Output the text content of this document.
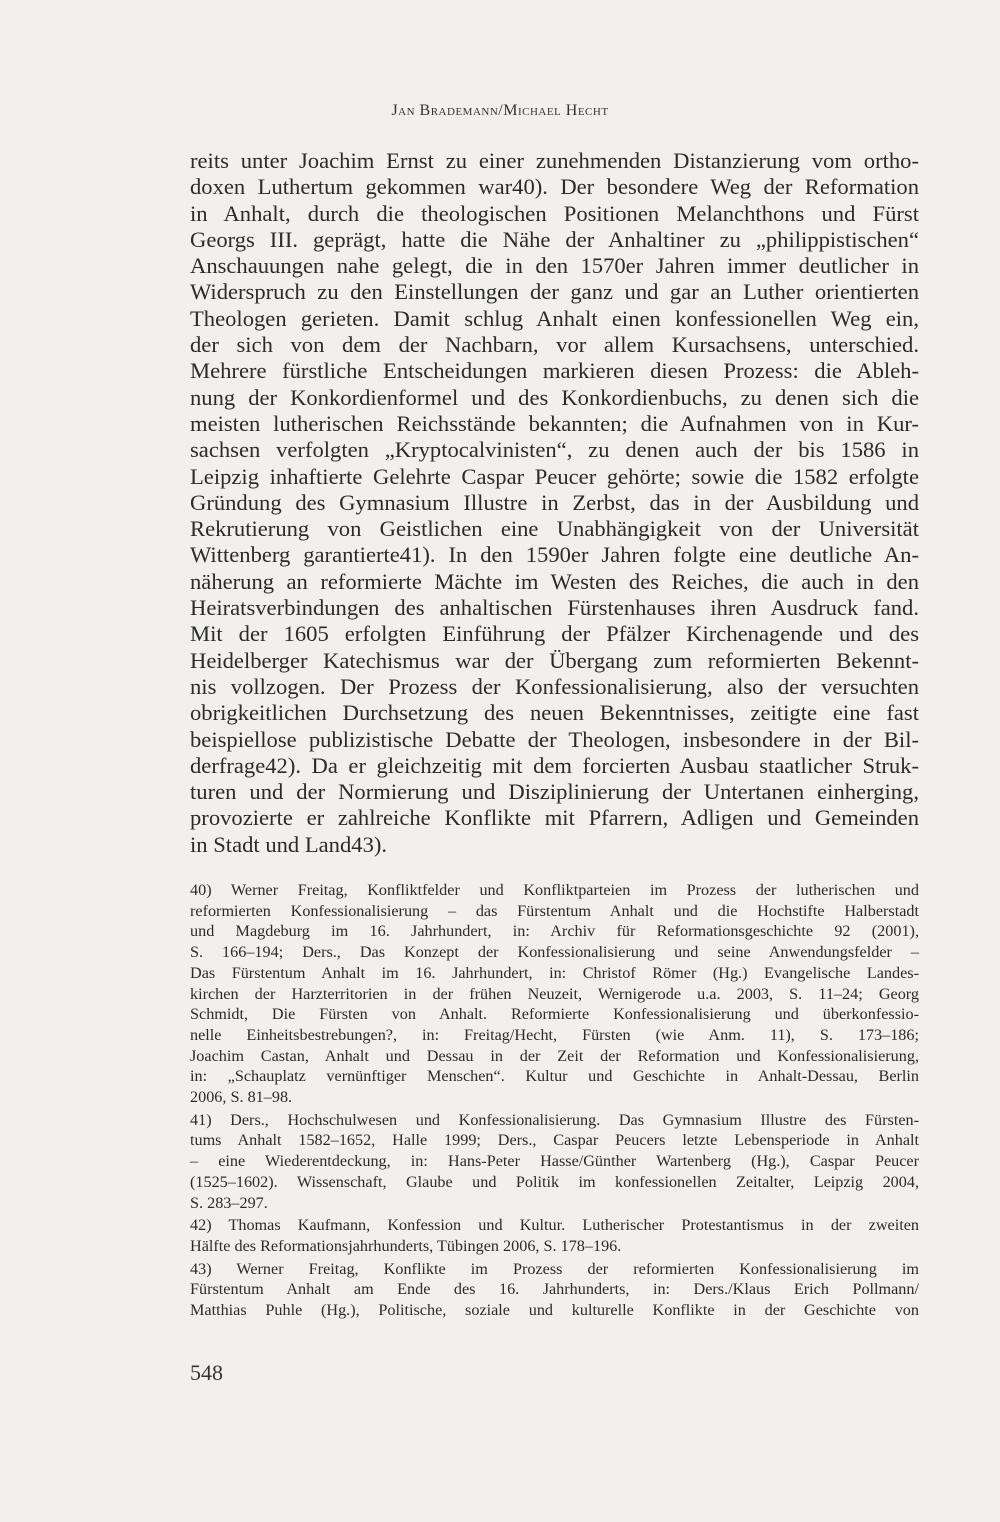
Jan Brademann/Michael Hecht
reits unter Joachim Ernst zu einer zunehmenden Distanzierung vom ortho-
doxen Luthertum gekommen war40). Der besondere Weg der Reformation
in Anhalt, durch die theologischen Positionen Melanchthons und Fürst
Georgs III. geprägt, hatte die Nähe der Anhaltiner zu „philippistischen“
Anschauungen nahe gelegt, die in den 1570er Jahren immer deutlicher in
Widerspruch zu den Einstellungen der ganz und gar an Luther orientierten
Theologen gerieten. Damit schlug Anhalt einen konfessionellen Weg ein,
der sich von dem der Nachbarn, vor allem Kursachsens, unterschied.
Mehrere fürstliche Entscheidungen markieren diesen Prozess: die Ableh-
nung der Konkordienformel und des Konkordienbuchs, zu denen sich die
meisten lutherischen Reichsstände bekannten; die Aufnahmen von in Kur-
sachsen verfolgten „Kryptocalvinisten“, zu denen auch der bis 1586 in
Leipzig inhaftierte Gelehrte Caspar Peucer gehörte; sowie die 1582 erfolgte
Gründung des Gymnasium Illustre in Zerbst, das in der Ausbildung und
Rekrutierung von Geistlichen eine Unabhängigkeit von der Universität
Wittenberg garantierte41). In den 1590er Jahren folgte eine deutliche An-
näherung an reformierte Mächte im Westen des Reiches, die auch in den
Heiratsverbindungen des anhaltischen Fürstenhauses ihren Ausdruck fand.
Mit der 1605 erfolgten Einführung der Pfälzer Kirchenagende und des
Heidelberger Katechismus war der Übergang zum reformierten Bekennt-
nis vollzogen. Der Prozess der Konfessionalisierung, also der versuchten
obrigkeitlichen Durchsetzung des neuen Bekenntnisses, zeitigte eine fast
beispiellose publizistische Debatte der Theologen, insbesondere in der Bil-
derfrage42). Da er gleichzeitig mit dem forcierten Ausbau staatlicher Struk-
turen und der Normierung und Disziplinierung der Untertanen einherging,
provozierte er zahlreiche Konflikte mit Pfarrern, Adligen und Gemeinden
in Stadt und Land43).
40) Werner Freitag, Konfliktfelder und Konfliktparteien im Prozess der lutherischen und
reformierten Konfessionalisierung – das Fürstentum Anhalt und die Hochstifte Halberstadt
und Magdeburg im 16. Jahrhundert, in: Archiv für Reformationsgeschichte 92 (2001),
S. 166–194; Ders., Das Konzept der Konfessionalisierung und seine Anwendungsfelder –
Das Fürstentum Anhalt im 16. Jahrhundert, in: Christof Römer (Hg.) Evangelische Landes-
kirchen der Harzterritorien in der frühen Neuzeit, Wernigerode u.a. 2003, S. 11–24; Georg
Schmidt, Die Fürsten von Anhalt. Reformierte Konfessionalisierung und überkonfessio-
nelle Einheitsbestrebungen?, in: Freitag/Hecht, Fürsten (wie Anm. 11), S. 173–186;
Joachim Castan, Anhalt und Dessau in der Zeit der Reformation und Konfessionalisierung,
in: „Schauplatz vernünftiger Menschen“. Kultur und Geschichte in Anhalt-Dessau, Berlin
2006, S. 81–98.
41) Ders., Hochschulwesen und Konfessionalisierung. Das Gymnasium Illustre des Fürsten-
tums Anhalt 1582–1652, Halle 1999; Ders., Caspar Peucers letzte Lebensperiode in Anhalt
– eine Wiederentdeckung, in: Hans-Peter Hasse/Günther Wartenberg (Hg.), Caspar Peucer
(1525–1602). Wissenschaft, Glaube und Politik im konfessionellen Zeitalter, Leipzig 2004,
S. 283–297.
42) Thomas Kaufmann, Konfession und Kultur. Lutherischer Protestantismus in der zweiten
Hälfte des Reformationsjahrhunderts, Tübingen 2006, S. 178–196.
43) Werner Freitag, Konflikte im Prozess der reformierten Konfessionalisierung im
Fürstentum Anhalt am Ende des 16. Jahrhunderts, in: Ders./Klaus Erich Pollmann/
Matthias Puhle (Hg.), Politische, soziale und kulturelle Konflikte in der Geschichte von
548
